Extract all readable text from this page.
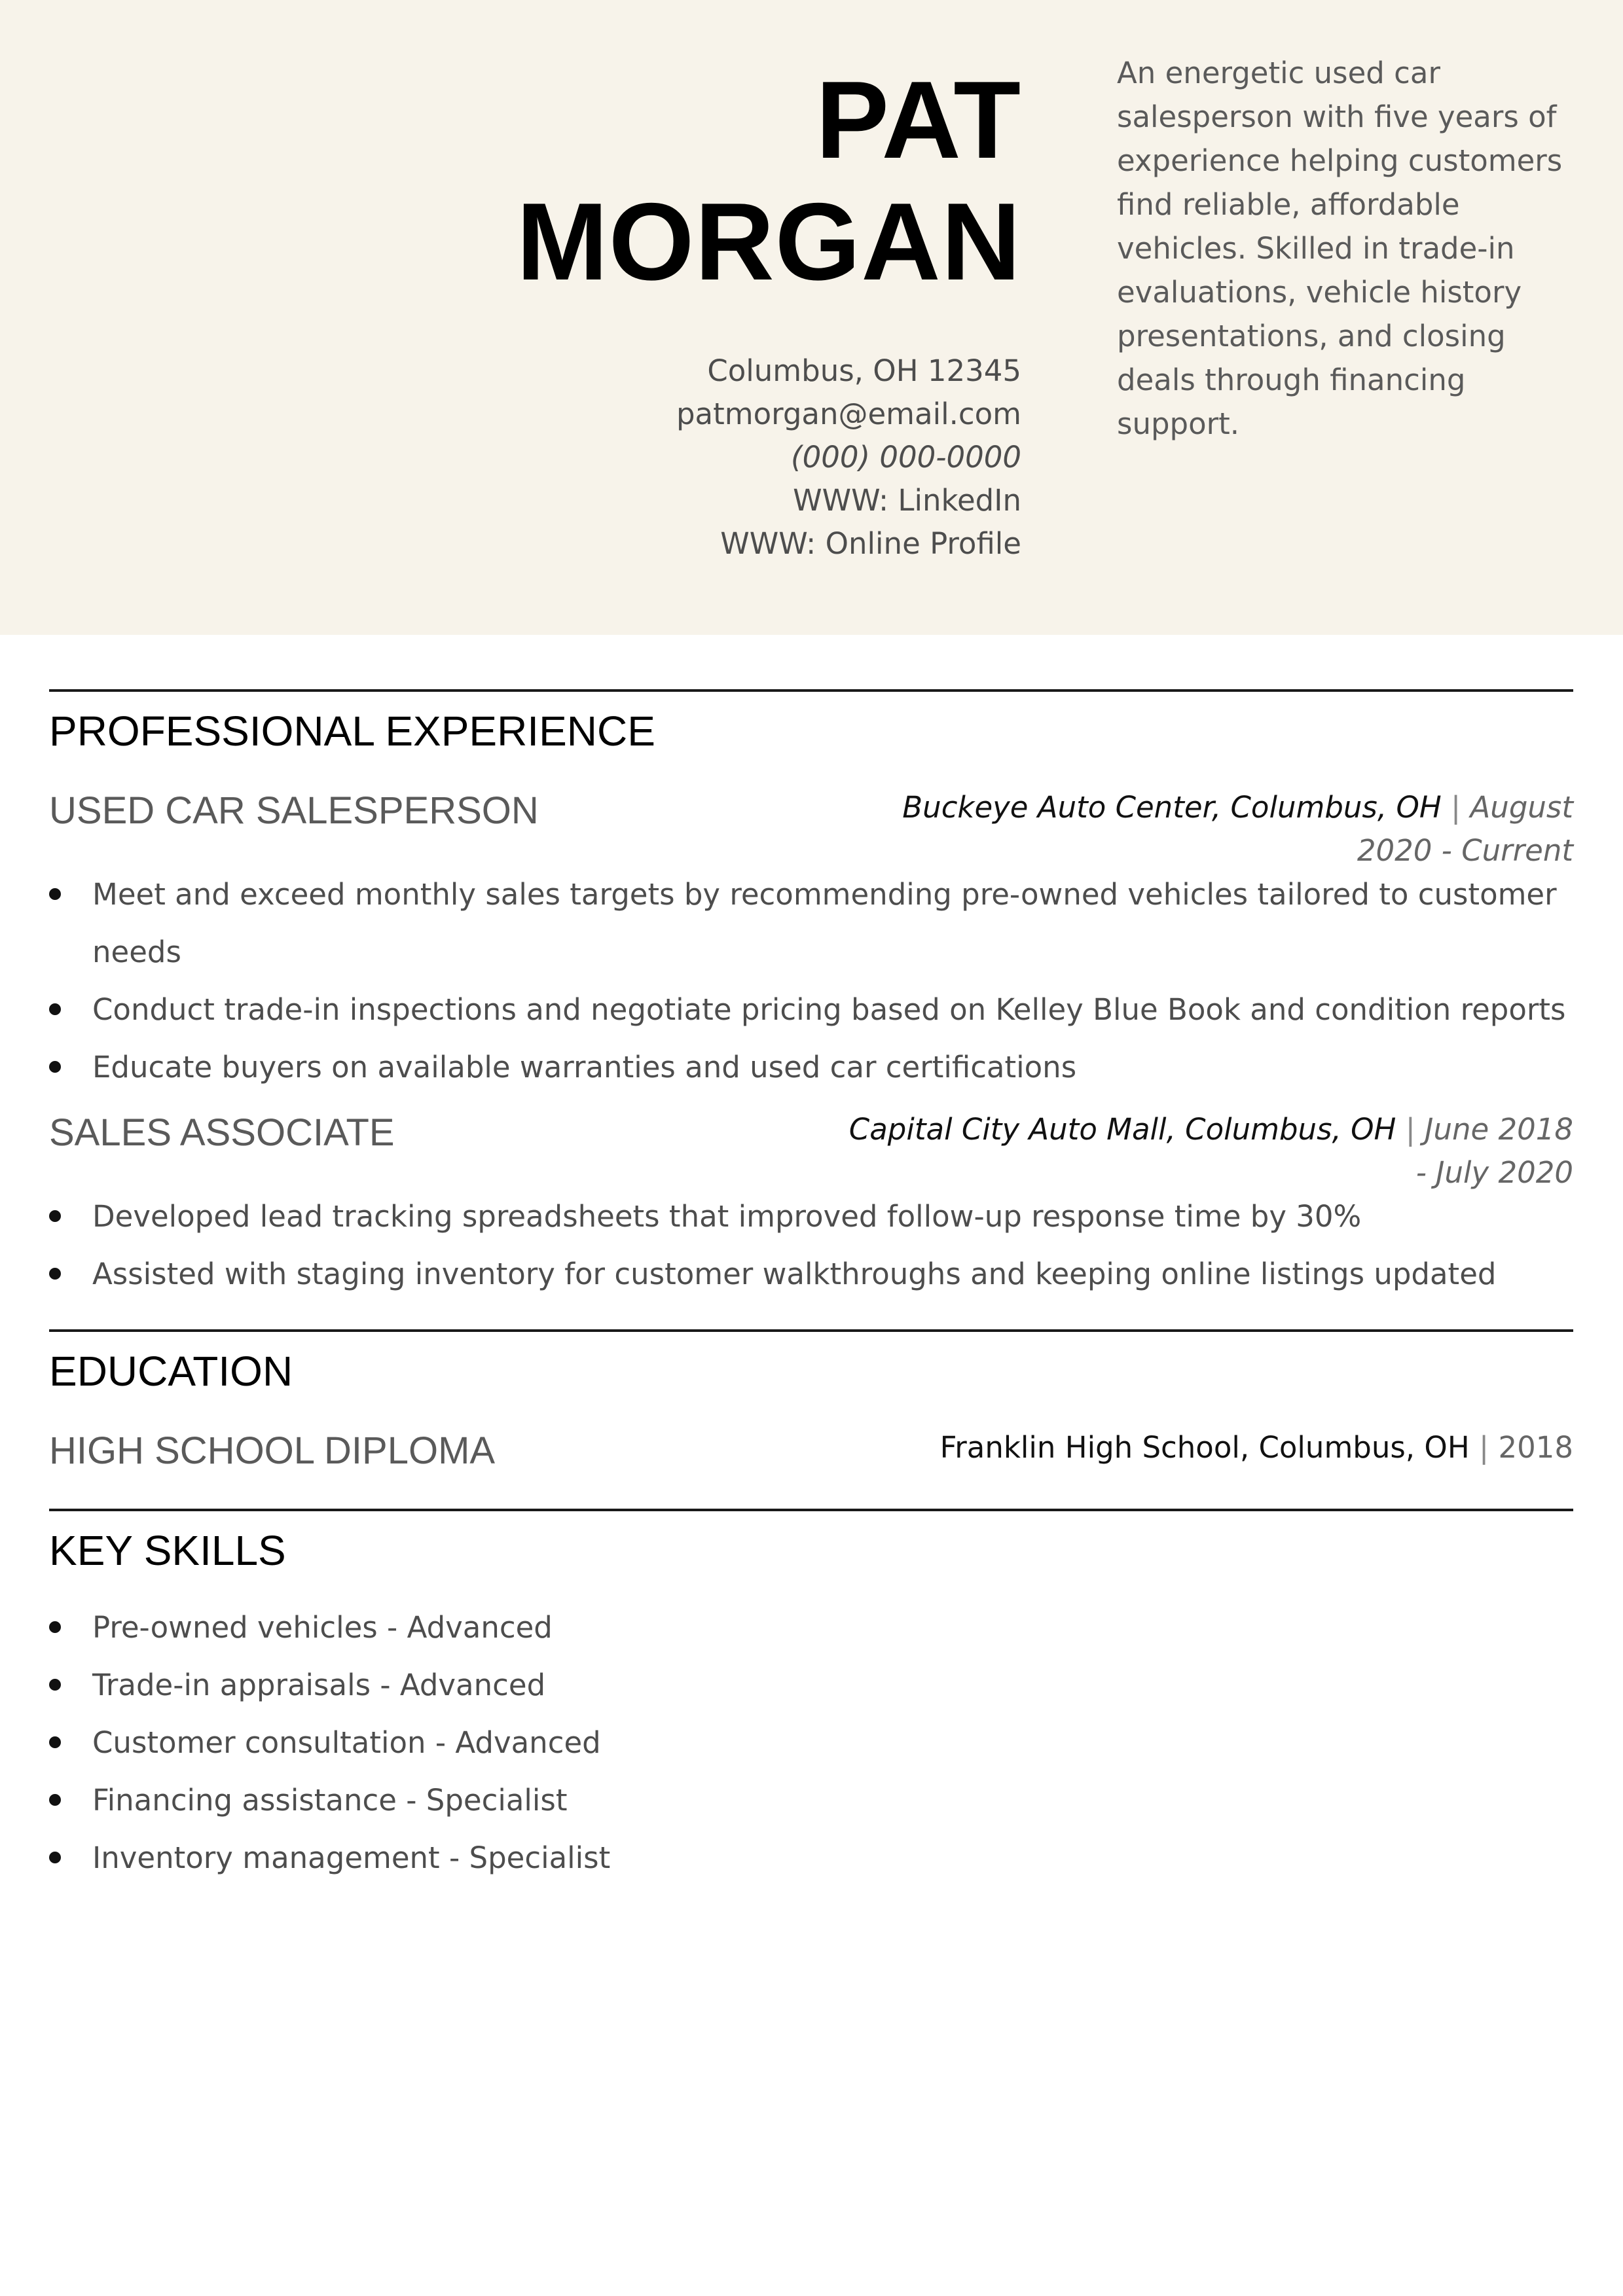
PAT
MORGAN
Columbus, OH 12345
patmorgan@email.com
(000) 000-0000
WWW: LinkedIn
WWW: Online Profile
An energetic used car salesperson with five years of experience helping customers find reliable, affordable vehicles. Skilled in trade-in evaluations, vehicle history presentations, and closing deals through financing support.
PROFESSIONAL EXPERIENCE
USED CAR SALESPERSON	Buckeye Auto Center, Columbus, OH | August 2020 - Current
Meet and exceed monthly sales targets by recommending pre-owned vehicles tailored to customer needs
Conduct trade-in inspections and negotiate pricing based on Kelley Blue Book and condition reports
Educate buyers on available warranties and used car certifications
SALES ASSOCIATE	Capital City Auto Mall, Columbus, OH | June 2018 - July 2020
Developed lead tracking spreadsheets that improved follow-up response time by 30%
Assisted with staging inventory for customer walkthroughs and keeping online listings updated
EDUCATION
HIGH SCHOOL DIPLOMA	Franklin High School, Columbus, OH | 2018
KEY SKILLS
Pre-owned vehicles - Advanced
Trade-in appraisals - Advanced
Customer consultation - Advanced
Financing assistance - Specialist
Inventory management - Specialist
